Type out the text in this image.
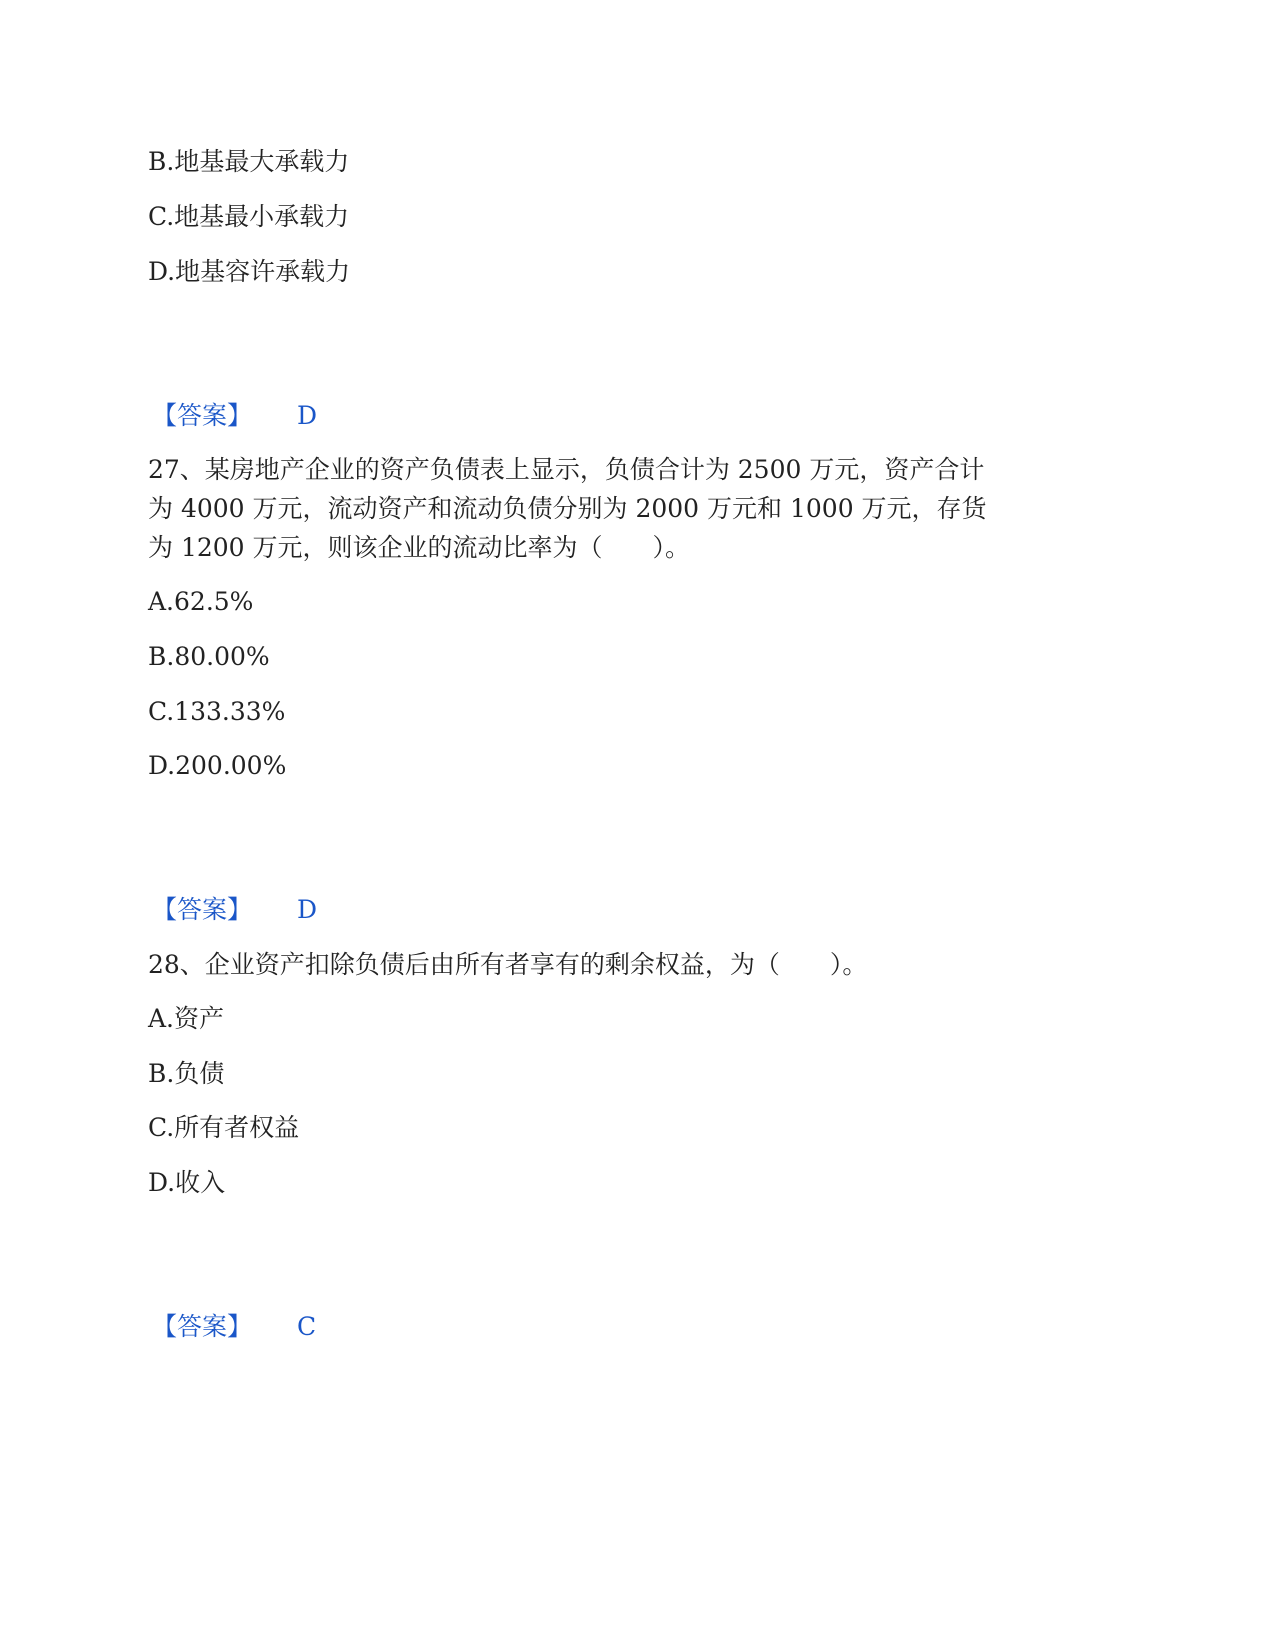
B.地基最大承载力
C.地基最小承载力
D.地基容许承载力
【答案】 D
27、某房地产企业的资产负债表上显示，负债合计为 2500 万元，资产合计
为 4000 万元，流动资产和流动负债分别为 2000 万元和 1000 万元，存货
为 1200 万元，则该企业的流动比率为（　　）。
A.62.5%
B.80.00%
C.133.33%
D.200.00%
【答案】 D
28、企业资产扣除负债后由所有者享有的剩余权益，为（　　）。
A.资产
B.负债
C.所有者权益
D.收入
【答案】 C
